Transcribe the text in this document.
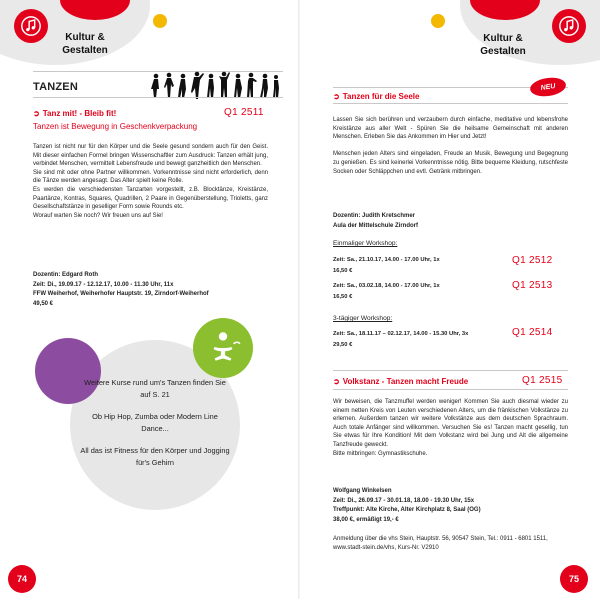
Kultur &
Gestalten
TANZEN
➲ Tanz mit! - Bleib fit!	Q1 2511
Tanzen ist Bewegung in Geschenkverpackung

Tanzen ist nicht nur für den Körper und die Seele gesund sondern auch für den Geist. Mit dieser einfachen Formel bringen Wissenschaftler zum Ausdruck: Tanzen erhält jung, verbindet Menschen, vermittelt Lebensfreude und bewegt ganzheitlich den Menschen.

Sie sind mit oder ohne Partner willkommen. Vorkenntnisse sind nicht erforderlich, denn die Tänze werden angesagt. Das Alter spielt keine Rolle.

Es werden die verschiedensten Tanzarten vorgestellt, z.B. Blocktänze, Kreistänze, Paartänze, Kontras, Squares, Quadrillen, 2 Paare in Gegenüberstellung, Trioletts, ganz Gesellschaftstänze in geselliger Form sowie Rounds etc.

Worauf warten Sie noch? Wir freuen uns auf Sie!

Dozentin: Edgard Roth
Zeit: Di., 19.09.17 - 12.12.17, 10.00 - 11.30 Uhr, 11x
FFW Weiherhof, Weiherhofer Hauptstr. 19, Zirndorf-Weiherhof
49,50 €

Weitere Kurse rund um's Tanzen finden Sie auf S. 21

Ob Hip Hop, Zumba oder Modern Line Dance...

All das ist Fitness für den Körper und Jogging für's Gehirn

74
Kultur &
Gestalten
➲ Tanzen für die Seele

Lassen Sie sich berühren und verzaubern durch einfache, meditative und lebensfrohe Kreistänze aus aller Welt - Spüren Sie die heilsame Gemeinschaft mit anderen Menschen. Erleben Sie das Ankommen im Hier und Jetzt!

Menschen jeden Alters sind eingeladen, Freude an Musik, Bewegung und Begegnung zu genießen. Es sind keinerlei Vorkenntnisse nötig. Bitte bequeme Kleidung, rutschfeste Socken oder Schläppchen und evtl. Getränk mitbringen.

Dozentin: Judith Kretschmer
Aula der Mittelschule Zirndorf
Einmaliger Workshop:
Zeit: Sa., 21.10.17, 14.00 - 17.00 Uhr, 1x
16,50 €
Q1 2512
Zeit: Sa., 03.02.18, 14.00 - 17.00 Uhr, 1x
16,50 €
Q1 2513
3-tägiger Workshop:
Zeit: Sa., 18.11.17 – 02.12.17, 14.00 - 15.30 Uhr, 3x
29,50 €
Q1 2514
➲ Volkstanz - Tanzen macht Freude	Q1 2515

Wir beweisen, die Tanzmuffel werden weniger! Kommen Sie auch diesmal wieder zu einem netten Kreis von Leuten verschiedenen Alters, um die fränkischen Volkstänze zu erlernen. Außerdem tanzen wir weitere Volkstänze aus dem deutschen Sprachraum. Auch totale Anfänger sind willkommen. Versuchen Sie es! Tanzen macht gesellig, tun Sie etwas für Ihre Kondition! Mit dem Volkstanz wird bei Jung und Alt die allgemeine Tanzfreude geweckt.

Bitte mitbringen: Gymnastikschuhe.

Wolfgang Winkelsen
Zeit: Di., 26.09.17 - 30.01.18, 18.00 - 19.30 Uhr, 15x
Treffpunkt: Alte Kirche, Alter Kirchplatz 8, Saal (OG)
38,00 €, ermäßigt 19,- €
Anmeldung über die vhs Stein, Hauptstr. 56, 90547 Stein, Tel.: 0911 - 6801 1511, www.stadt-stein.de/vhs, Kurs-Nr. V2910
75
NEU
